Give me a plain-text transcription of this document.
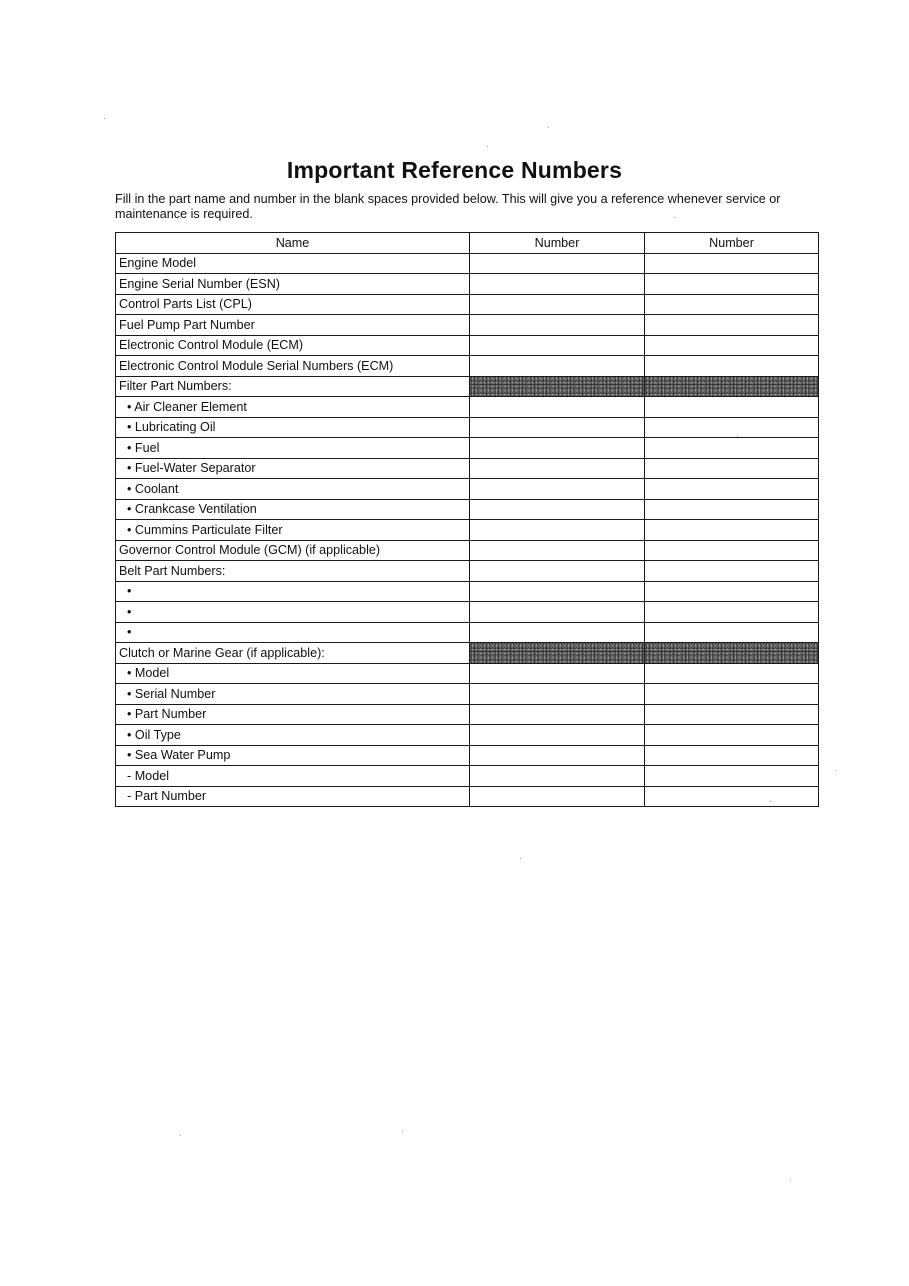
Important Reference Numbers

Fill in the part name and number in the blank spaces provided below. This will give you a reference whenever service or maintenance is required.

Name	Number	Number
Engine Model		
Engine Serial Number (ESN)		
Control Parts List (CPL)		
Fuel Pump Part Number		
Electronic Control Module (ECM)		
Electronic Control Module Serial Numbers (ECM)		
Filter Part Numbers:		
• Air Cleaner Element		
• Lubricating Oil		
• Fuel		
• Fuel-Water Separator		
• Coolant		
• Crankcase Ventilation		
• Cummins Particulate Filter		
Governor Control Module (GCM) (if applicable)		
Belt Part Numbers:		
•		
•		
•		
Clutch or Marine Gear (if applicable):		
• Model		
• Serial Number		
• Part Number		
• Oil Type		
• Sea Water Pump		
- Model		
- Part Number		
